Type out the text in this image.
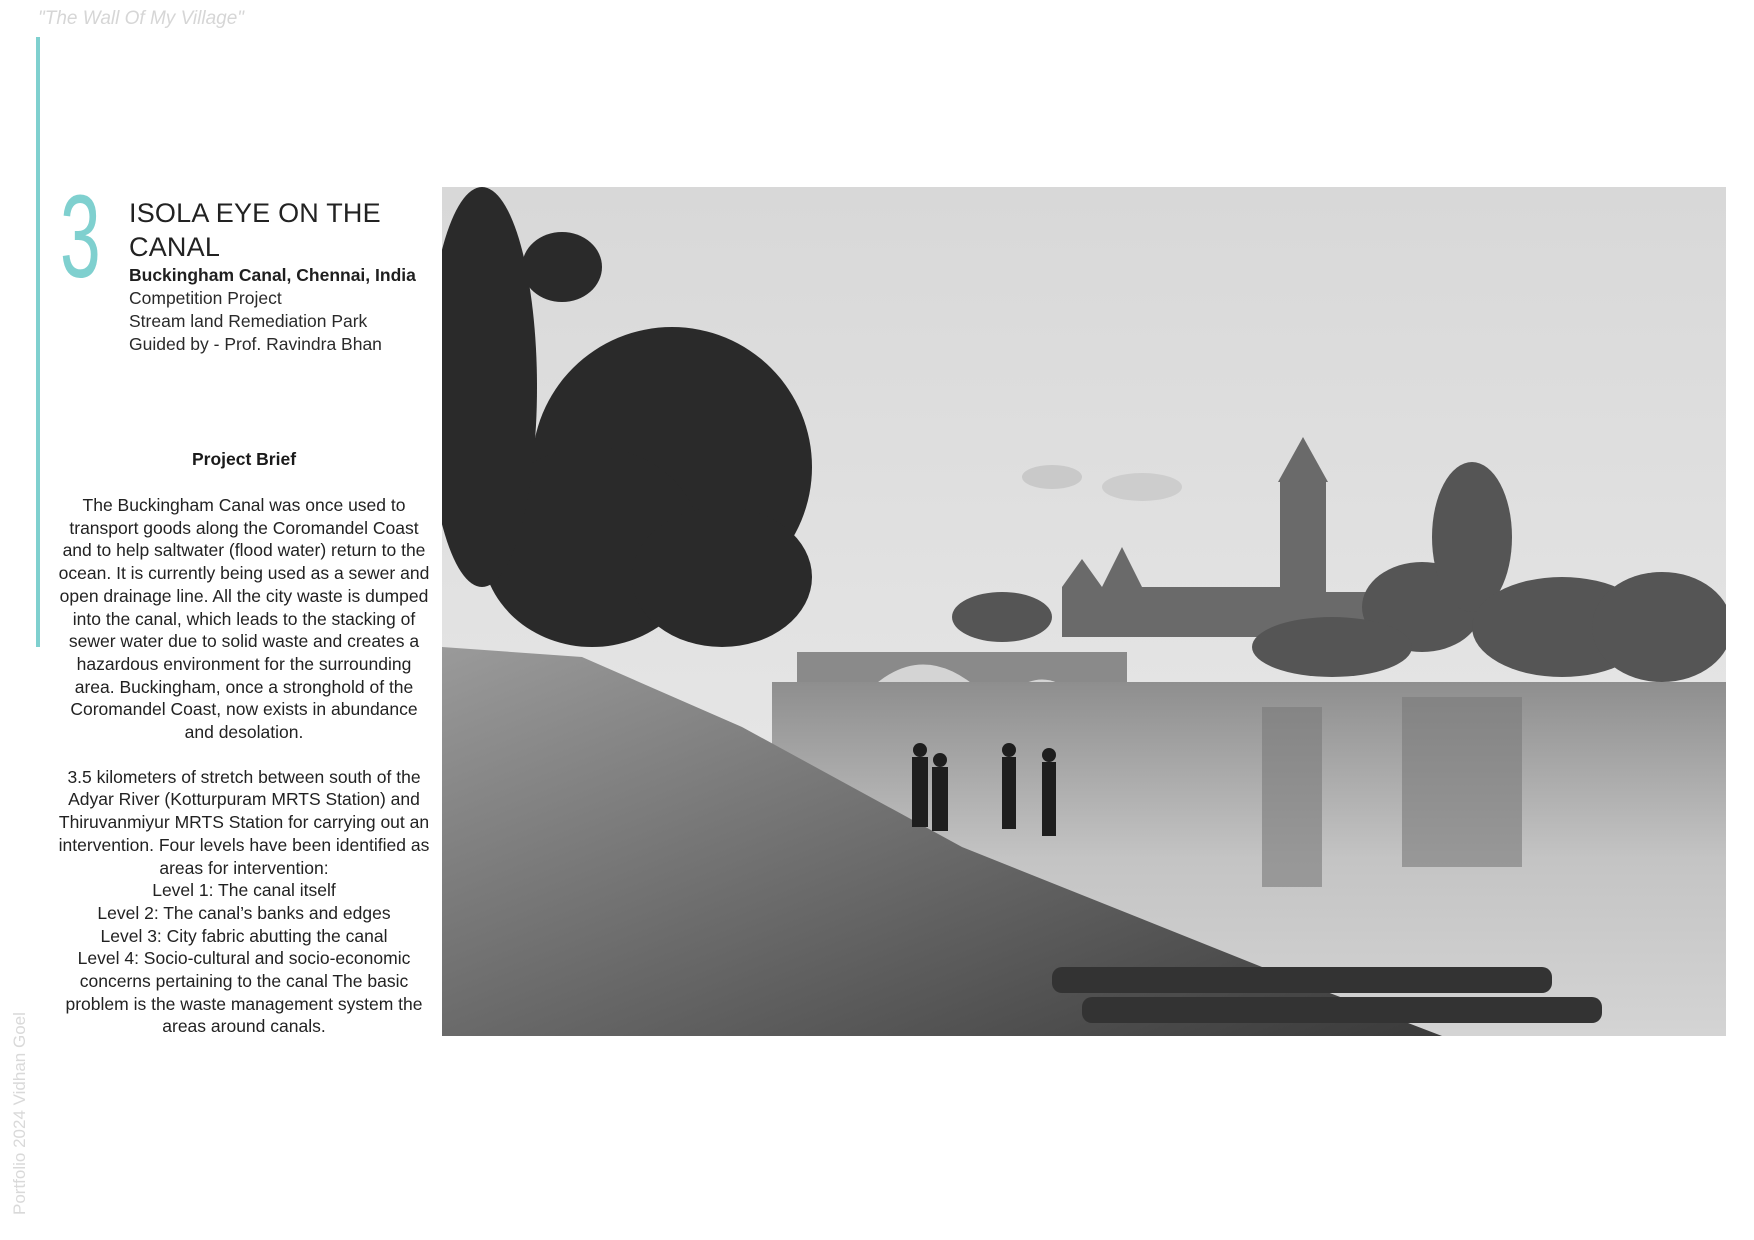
"The Wall Of My Village"
Portfolio 2024 Vidhan Goel
3 ISOLA EYE ON THE CANAL

Buckingham Canal, Chennai, India

Competition Project

Stream land Remediation Park

Guided by - Prof. Ravindra Bhan

Project Brief

The Buckingham Canal was once used to transport goods along the Coromandel Coast and to help saltwater (flood water) return to the ocean. It is currently being used as a sewer and open drainage line. All the city waste is dumped into the canal, which leads to the stacking of sewer water due to solid waste and creates a hazardous environment for the surrounding area. Buckingham, once a stronghold of the Coromandel Coast, now exists in abundance and desolation.

3.5 kilometers of stretch between south of the Adyar River (Kotturpuram MRTS Station) and Thiruvanmiyur MRTS Station for carrying out an intervention. Four levels have been identified as areas for intervention:

Level 1: The canal itself

Level 2: The canal’s banks and edges

Level 3: City fabric abutting the canal

Level 4: Socio-cultural and socio-economic concerns pertaining to the canal The basic problem is the waste management system the areas around canals.
